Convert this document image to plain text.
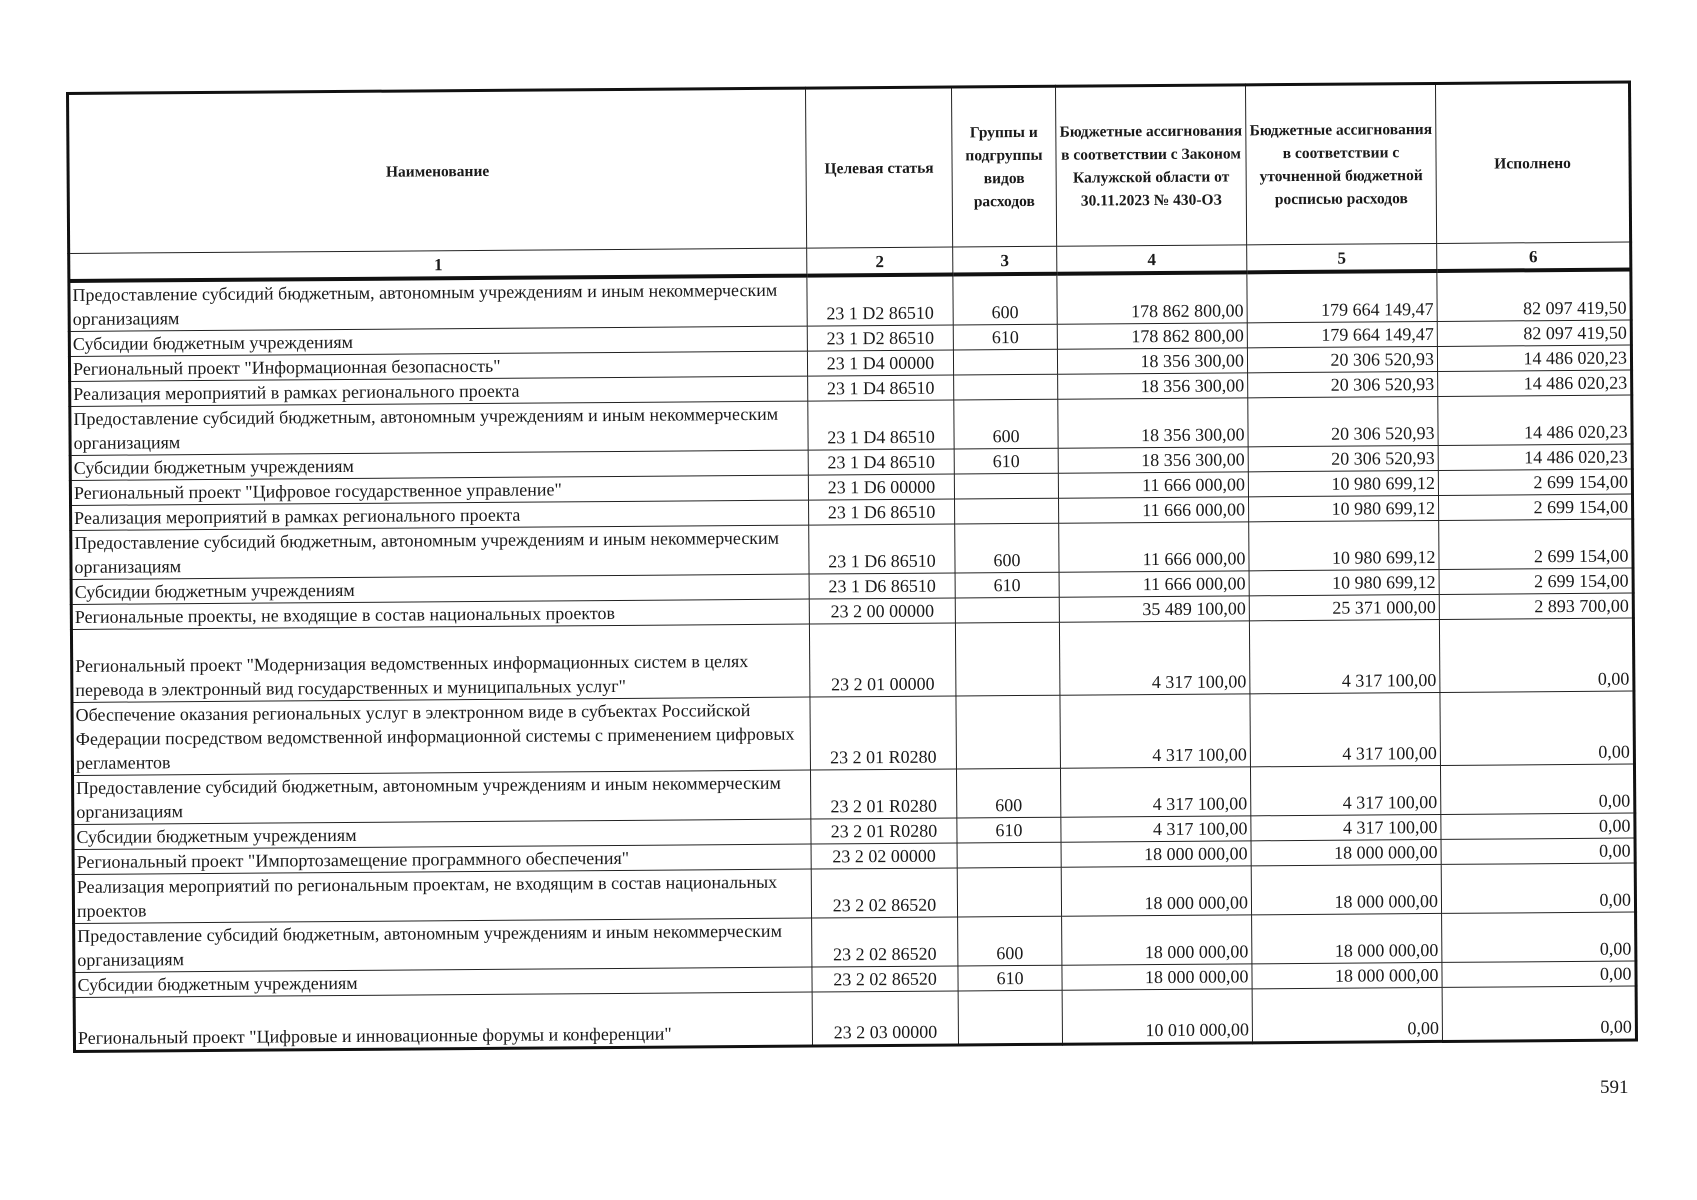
Наименование	Целевая статья	Группы и подгруппы видов расходов	Бюджетные ассигнования в соответствии с Законом Калужской области от 30.11.2023 № 430-ОЗ	Бюджетные ассигнования в соответствии с уточненной бюджетной росписью расходов	Исполнено
1	2	3	4	5	6
Предоставление субсидий бюджетным, автономным учреждениям и иным некоммерческим организациям	23 1 D2 86510	600	178 862 800,00	179 664 149,47	82 097 419,50
Субсидии бюджетным учреждениям	23 1 D2 86510	610	178 862 800,00	179 664 149,47	82 097 419,50
Региональный проект "Информационная безопасность"	23 1 D4 00000		18 356 300,00	20 306 520,93	14 486 020,23
Реализация мероприятий в рамках регионального проекта	23 1 D4 86510		18 356 300,00	20 306 520,93	14 486 020,23
Предоставление субсидий бюджетным, автономным учреждениям и иным некоммерческим организациям	23 1 D4 86510	600	18 356 300,00	20 306 520,93	14 486 020,23
Субсидии бюджетным учреждениям	23 1 D4 86510	610	18 356 300,00	20 306 520,93	14 486 020,23
Региональный проект "Цифровое государственное управление"	23 1 D6 00000		11 666 000,00	10 980 699,12	2 699 154,00
Реализация мероприятий в рамках регионального проекта	23 1 D6 86510		11 666 000,00	10 980 699,12	2 699 154,00
Предоставление субсидий бюджетным, автономным учреждениям и иным некоммерческим организациям	23 1 D6 86510	600	11 666 000,00	10 980 699,12	2 699 154,00
Субсидии бюджетным учреждениям	23 1 D6 86510	610	11 666 000,00	10 980 699,12	2 699 154,00
Региональные проекты, не входящие в состав национальных проектов	23 2 00 00000		35 489 100,00	25 371 000,00	2 893 700,00
Региональный проект "Модернизация ведомственных информационных систем в целях перевода в электронный вид государственных и муниципальных услуг"	23 2 01 00000		4 317 100,00	4 317 100,00	0,00
Обеспечение оказания региональных услуг в электронном виде в субъектах Российской Федерации посредством ведомственной информационной системы с применением цифровых регламентов	23 2 01 R0280		4 317 100,00	4 317 100,00	0,00
Предоставление субсидий бюджетным, автономным учреждениям и иным некоммерческим организациям	23 2 01 R0280	600	4 317 100,00	4 317 100,00	0,00
Субсидии бюджетным учреждениям	23 2 01 R0280	610	4 317 100,00	4 317 100,00	0,00
Региональный проект "Импортозамещение программного обеспечения"	23 2 02 00000		18 000 000,00	18 000 000,00	0,00
Реализация мероприятий по региональным проектам, не входящим в состав национальных проектов	23 2 02 86520		18 000 000,00	18 000 000,00	0,00
Предоставление субсидий бюджетным, автономным учреждениям и иным некоммерческим организациям	23 2 02 86520	600	18 000 000,00	18 000 000,00	0,00
Субсидии бюджетным учреждениям	23 2 02 86520	610	18 000 000,00	18 000 000,00	0,00
Региональный проект "Цифровые и инновационные форумы и конференции"	23 2 03 00000		10 010 000,00	0,00	0,00
591
